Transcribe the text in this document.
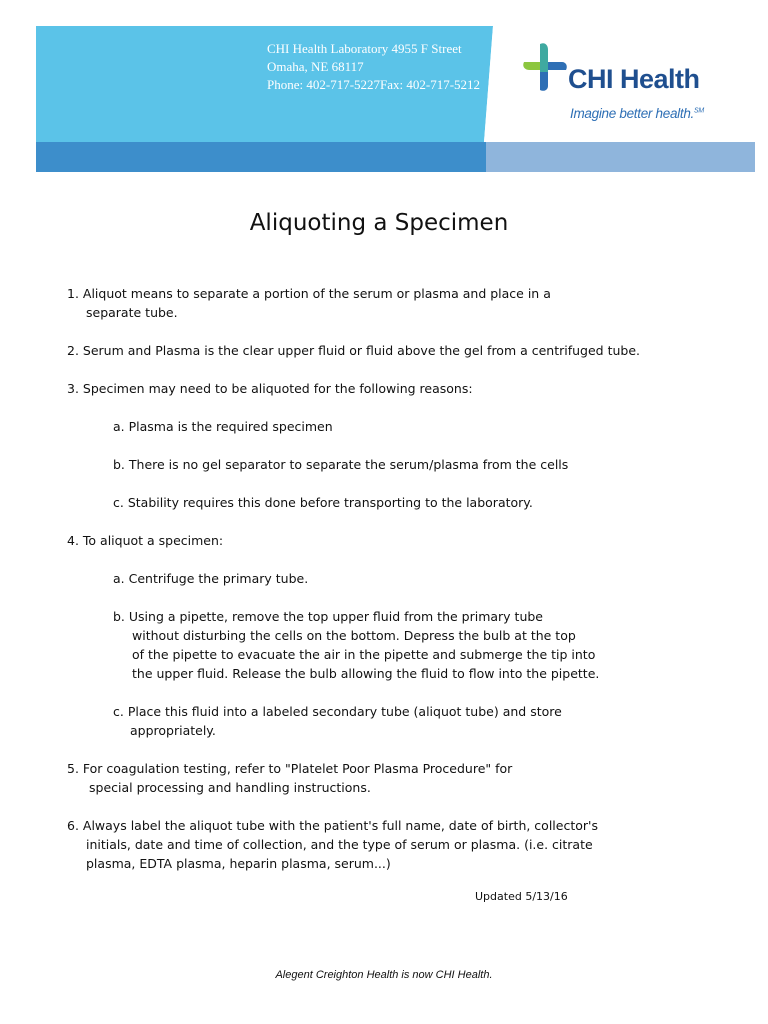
CHI Health Laboratory 4955 F Street
Omaha, NE 68117
Phone: 402-717-5227Fax: 402-717-5212	CHI Health
Imagine better health.℠
Aliquoting a Specimen
1. Aliquot means to separate a portion of the serum or plasma and place in a
separate tube.
2. Serum and Plasma is the clear upper fluid or fluid above the gel from a centrifuged tube.
3. Specimen may need to be aliquoted for the following reasons:
a. Plasma is the required specimen
b. There is no gel separator to separate the serum/plasma from the cells
c. Stability requires this done before transporting to the laboratory.
4. To aliquot a specimen:
a. Centrifuge the primary tube.
b. Using a pipette, remove the top upper fluid from the primary tube
without disturbing the cells on the bottom. Depress the bulb at the top
of the pipette to evacuate the air in the pipette and submerge the tip into
the upper fluid. Release the bulb allowing the fluid to flow into the pipette.
c. Place this fluid into a labeled secondary tube (aliquot tube) and store
appropriately.
5. For coagulation testing, refer to "Platelet Poor Plasma Procedure" for
special processing and handling instructions.
6. Always label the aliquot tube with the patient's full name, date of birth, collector's
initials, date and time of collection, and the type of serum or plasma. (i.e. citrate
plasma, EDTA plasma, heparin plasma, serum...)
Updated 5/13/16
Alegent Creighton Health is now CHI Health.
